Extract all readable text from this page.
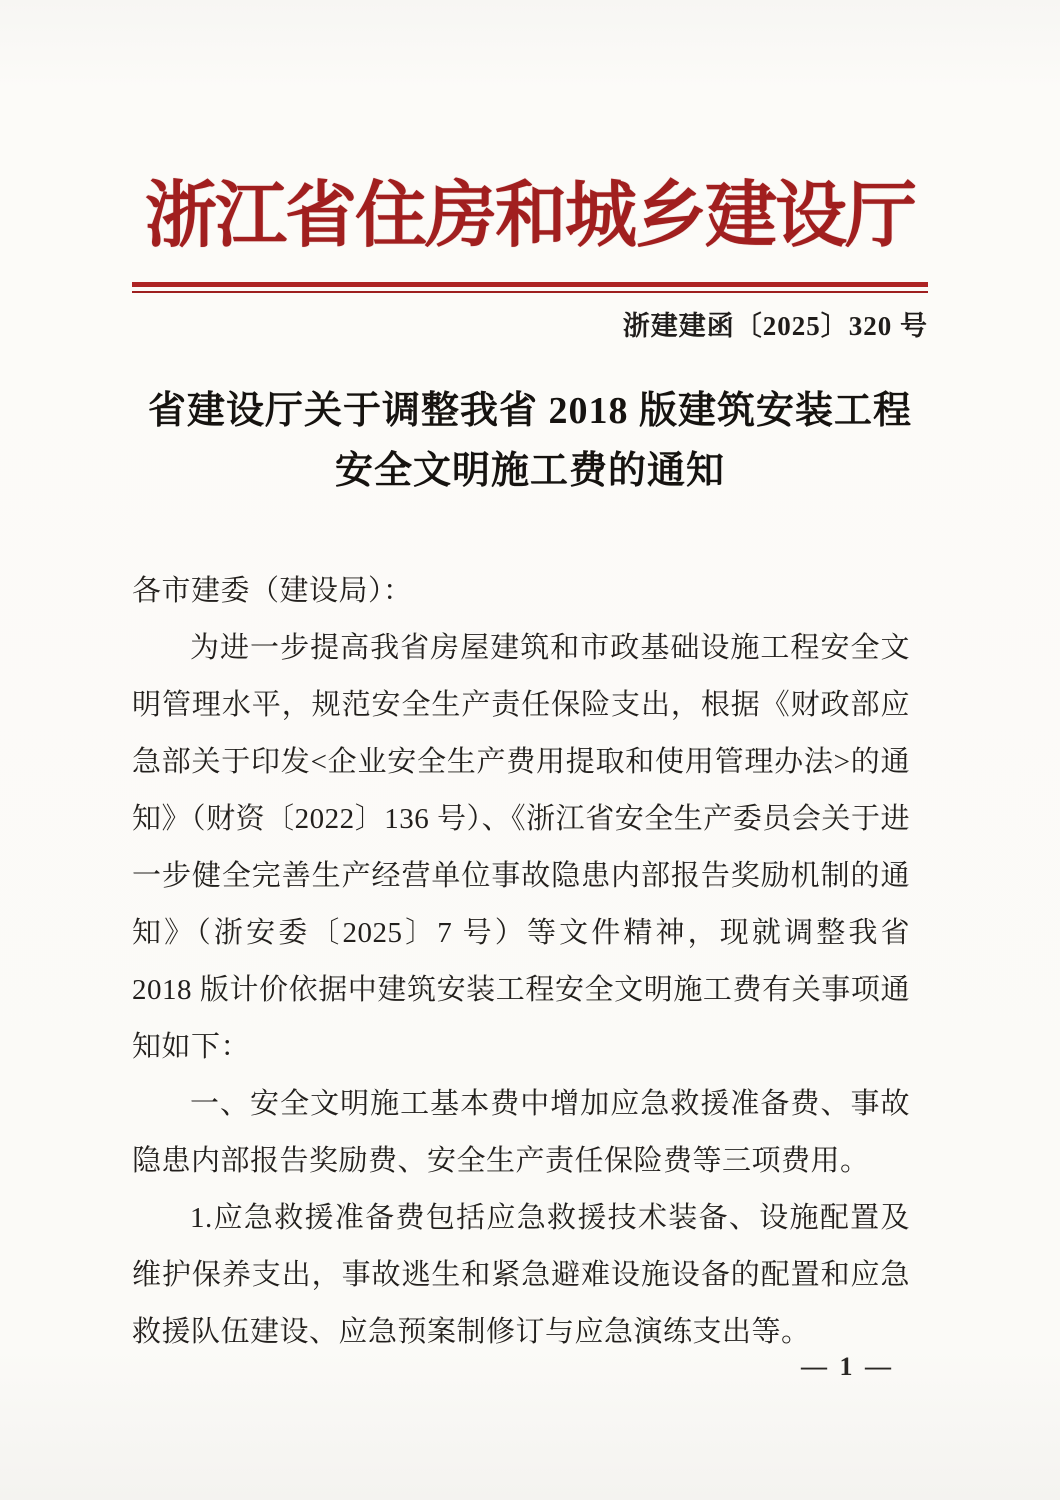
浙江省住房和城乡建设厅
浙建建函〔2025〕320 号
省建设厅关于调整我省 2018 版建筑安装工程
安全文明施工费的通知

各市建委（建设局）：

为进一步提高我省房屋建筑和市政基础设施工程安全文明管理水平，规范安全生产责任保险支出，根据《财政部应急部关于印发<企业安全生产费用提取和使用管理办法>的通知》（财资〔2022〕136 号）、《浙江省安全生产委员会关于进一步健全完善生产经营单位事故隐患内部报告奖励机制的通知》（浙安委〔2025〕7 号）等文件精神，现就调整我省 2018 版计价依据中建筑安装工程安全文明施工费有关事项通知如下：

一、安全文明施工基本费中增加应急救援准备费、事故隐患内部报告奖励费、安全生产责任保险费等三项费用。

1.应急救援准备费包括应急救援技术装备、设施配置及维护保养支出，事故逃生和紧急避难设施设备的配置和应急救援队伍建设、应急预案制修订与应急演练支出等。

— 1 —
